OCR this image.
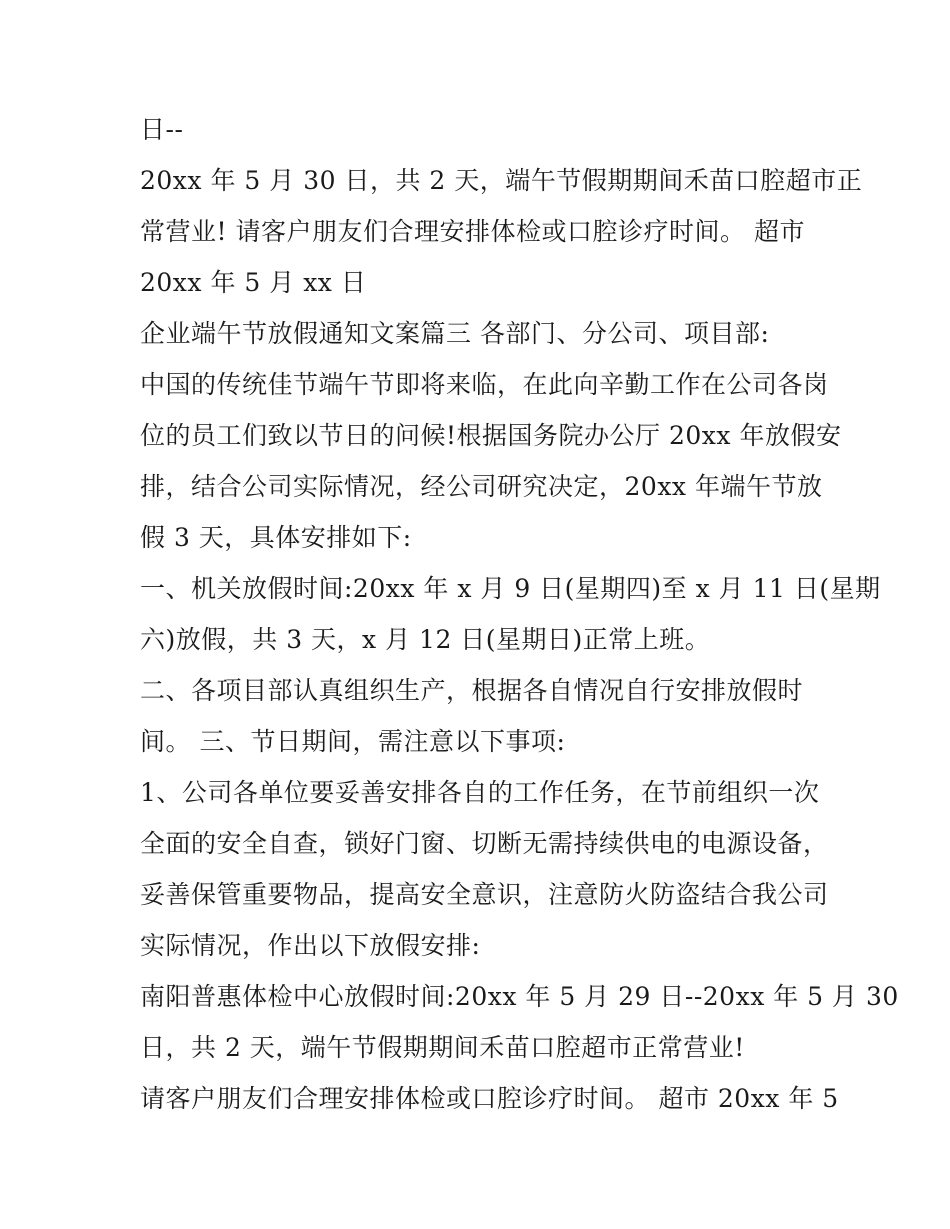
日--
20xx 年 5 月 30 日，共 2 天，端午节假期期间禾苗口腔超市正
常营业! 请客户朋友们合理安排体检或口腔诊疗时间。 超市
20xx 年 5 月 xx 日
企业端午节放假通知文案篇三 各部门、分公司、项目部:
中国的传统佳节端午节即将来临，在此向辛勤工作在公司各岗
位的员工们致以节日的问候!根据国务院办公厅 20xx 年放假安
排，结合公司实际情况，经公司研究决定，20xx 年端午节放
假 3 天，具体安排如下:
一、机关放假时间:20xx 年 x 月 9 日(星期四)至 x 月 11 日(星期
六)放假，共 3 天，x 月 12 日(星期日)正常上班。
二、各项目部认真组织生产，根据各自情况自行安排放假时
间。 三、节日期间，需注意以下事项:
1、公司各单位要妥善安排各自的工作任务，在节前组织一次
全面的安全自查，锁好门窗、切断无需持续供电的电源设备，
妥善保管重要物品，提高安全意识，注意防火防盗结合我公司
实际情况，作出以下放假安排:
南阳普惠体检中心放假时间:20xx 年 5 月 29 日--20xx 年 5 月 30
日，共 2 天，端午节假期期间禾苗口腔超市正常营业!
请客户朋友们合理安排体检或口腔诊疗时间。 超市 20xx 年 5
